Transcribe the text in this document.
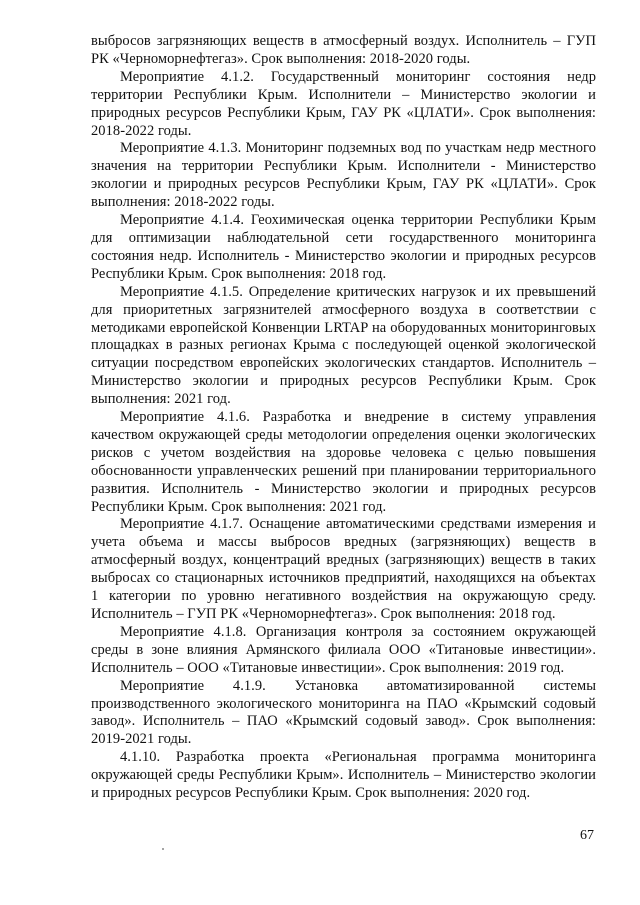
выбросов загрязняющих веществ в атмосферный воздух. Исполнитель – ГУП РК «Черноморнефтегаз». Срок выполнения: 2018-2020 годы.

Мероприятие 4.1.2. Государственный мониторинг состояния недр территории Республики Крым. Исполнители – Министерство экологии и природных ресурсов Республики Крым, ГАУ РК «ЦЛАТИ». Срок выполнения: 2018-2022 годы.

Мероприятие 4.1.3. Мониторинг подземных вод по участкам недр местного значения на территории Республики Крым. Исполнители - Министерство экологии и природных ресурсов Республики Крым, ГАУ РК «ЦЛАТИ». Срок выполнения: 2018-2022 годы.

Мероприятие 4.1.4. Геохимическая оценка территории Республики Крым для оптимизации наблюдательной сети государственного мониторинга состояния недр. Исполнитель - Министерство экологии и природных ресурсов Республики Крым. Срок выполнения: 2018 год.

Мероприятие 4.1.5. Определение критических нагрузок и их превышений для приоритетных загрязнителей атмосферного воздуха в соответствии с методиками европейской Конвенции LRTAP на оборудованных мониторинговых площадках в разных регионах Крыма с последующей оценкой экологической ситуации посредством европейских экологических стандартов. Исполнитель – Министерство экологии и природных ресурсов Республики Крым. Срок выполнения: 2021 год.

Мероприятие 4.1.6. Разработка и внедрение в систему управления качеством окружающей среды методологии определения оценки экологических рисков с учетом воздействия на здоровье человека с целью повышения обоснованности управленческих решений при планировании территориального развития. Исполнитель - Министерство экологии и природных ресурсов Республики Крым. Срок выполнения: 2021 год.

Мероприятие 4.1.7. Оснащение автоматическими средствами измерения и учета объема и массы выбросов вредных (загрязняющих) веществ в атмосферный воздух, концентраций вредных (загрязняющих) веществ в таких выбросах со стационарных источников предприятий, находящихся на объектах 1 категории по уровню негативного воздействия на окружающую среду. Исполнитель – ГУП РК «Черноморнефтегаз». Срок выполнения: 2018 год.

Мероприятие 4.1.8. Организация контроля за состоянием окружающей среды в зоне влияния Армянского филиала ООО «Титановые инвестиции». Исполнитель – ООО «Титановые инвестиции». Срок выполнения: 2019 год.

Мероприятие 4.1.9. Установка автоматизированной системы производственного экологического мониторинга на ПАО «Крымский содовый завод». Исполнитель – ПАО «Крымский содовый завод». Срок выполнения: 2019-2021 годы.

4.1.10. Разработка проекта «Региональная программа мониторинга окружающей среды Республики Крым». Исполнитель – Министерство экологии и природных ресурсов Республики Крым. Срок выполнения: 2020 год.

67
